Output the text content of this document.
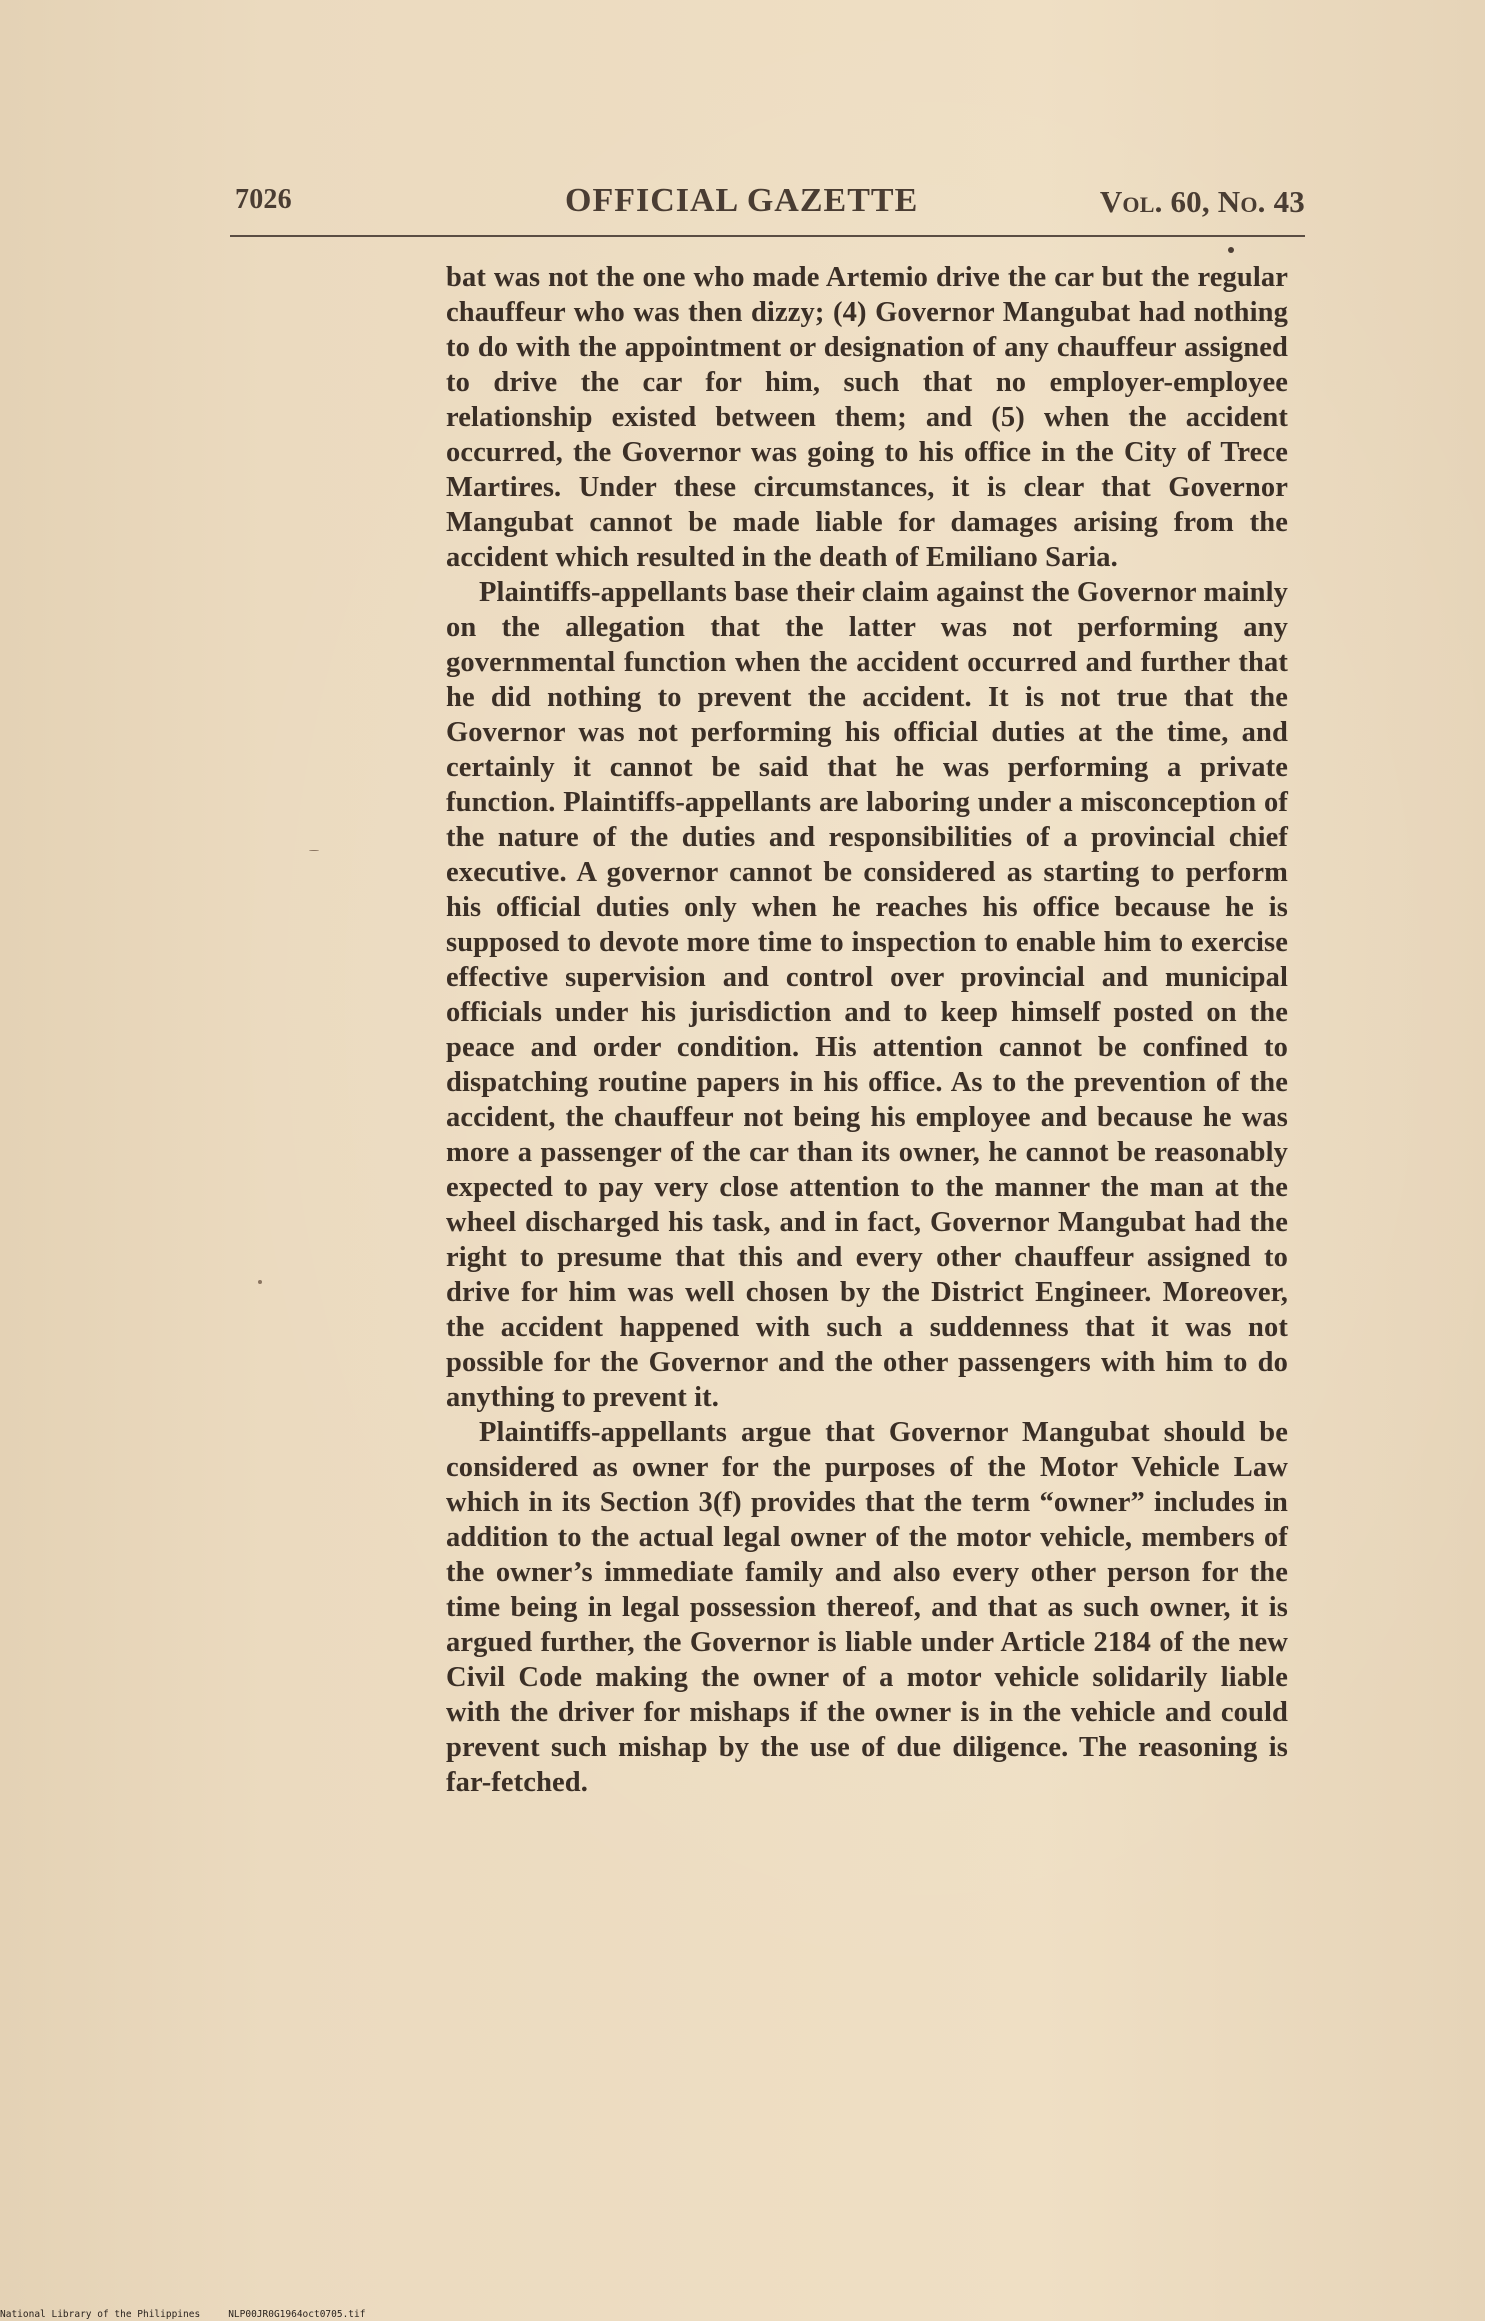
7026	OFFICIAL GAZETTE	Vol. 60, No. 43

bat was not the one who made Artemio drive the car but the regular chauffeur who was then dizzy; (4) Governor Mangubat had nothing to do with the appointment or designation of any chauffeur assigned to drive the car for him, such that no employer-employee relationship existed between them; and (5) when the accident occurred, the Governor was going to his office in the City of Trece Martires. Under these circumstances, it is clear that Governor Mangubat cannot be made liable for damages arising from the accident which resulted in the death of Emiliano Saria.

Plaintiffs-appellants base their claim against the Governor mainly on the allegation that the latter was not performing any governmental function when the accident occurred and further that he did nothing to prevent the accident. It is not true that the Governor was not performing his official duties at the time, and certainly it cannot be said that he was performing a private function. Plaintiffs-appellants are laboring under a misconception of the nature of the duties and responsibilities of a provincial chief executive. A governor cannot be considered as starting to perform his official duties only when he reaches his office because he is supposed to devote more time to inspection to enable him to exercise effective supervision and control over provincial and municipal officials under his jurisdiction and to keep himself posted on the peace and order condition. His attention cannot be confined to dispatching routine papers in his office. As to the prevention of the accident, the chauffeur not being his employee and because he was more a passenger of the car than its owner, he cannot be reasonably expected to pay very close attention to the manner the man at the wheel discharged his task, and in fact, Governor Mangubat had the right to presume that this and every other chauffeur assigned to drive for him was well chosen by the District Engineer. Moreover, the accident happened with such a suddenness that it was not possible for the Governor and the other passengers with him to do anything to prevent it.

Plaintiffs-appellants argue that Governor Mangubat should be considered as owner for the purposes of the Motor Vehicle Law which in its Section 3(f) provides that the term “owner” includes in addition to the actual legal owner of the motor vehicle, members of the owner’s immediate family and also every other person for the time being in legal possession thereof, and that as such owner, it is argued further, the Governor is liable under Article 2184 of the new Civil Code making the owner of a motor vehicle solidarily liable with the driver for mishaps if the owner is in the vehicle and could prevent such mishap by the use of due diligence. The reasoning is far-fetched.

National Library of the Philippines	NLP00JR0G1964oct0705.tif
